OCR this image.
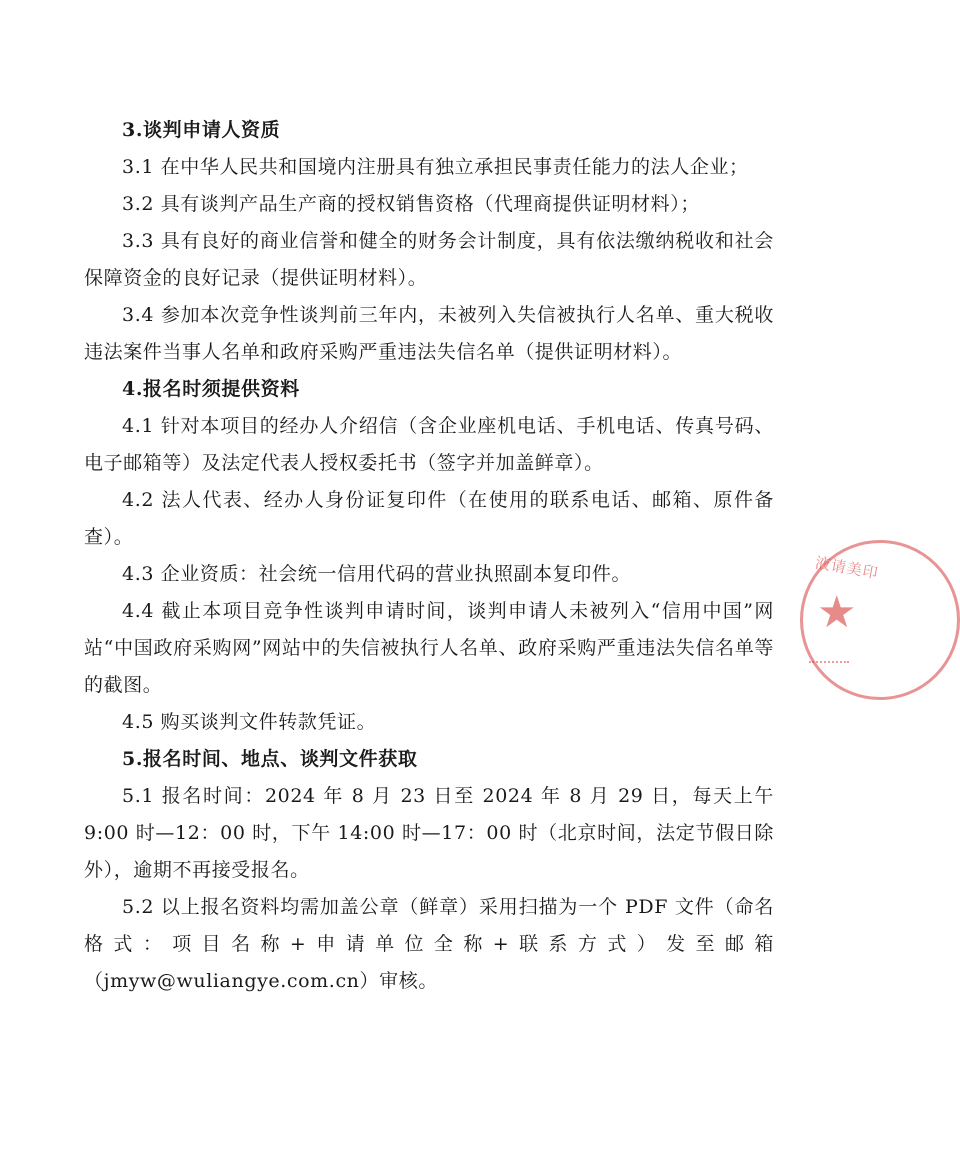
3.谈判申请人资质

3.1 在中华人民共和国境内注册具有独立承担民事责任能力的法人企业；

3.2 具有谈判产品生产商的授权销售资格（代理商提供证明材料）；

3.3 具有良好的商业信誉和健全的财务会计制度，具有依法缴纳税收和社会保障资金的良好记录（提供证明材料）。

3.4 参加本次竞争性谈判前三年内，未被列入失信被执行人名单、重大税收违法案件当事人名单和政府采购严重违法失信名单（提供证明材料）。

4.报名时须提供资料

4.1 针对本项目的经办人介绍信（含企业座机电话、手机电话、传真号码、电子邮箱等）及法定代表人授权委托书（签字并加盖鲜章）。

4.2 法人代表、经办人身份证复印件（在使用的联系电话、邮箱、原件备查）。

4.3 企业资质：社会统一信用代码的营业执照副本复印件。

4.4 截止本项目竞争性谈判申请时间，谈判申请人未被列入“信用中国”网站“中国政府采购网”网站中的失信被执行人名单、政府采购严重违法失信名单等的截图。

4.5 购买谈判文件转款凭证。

5.报名时间、地点、谈判文件获取

5.1 报名时间：2024 年 8 月 23 日至 2024 年 8 月 29 日，每天上午 9:00 时—12：00 时，下午 14:00 时—17：00 时（北京时间，法定节假日除外），逾期不再接受报名。

5.2 以上报名资料均需加盖公章（鲜章）采用扫描为一个 PDF 文件（命名格式：项目名称+申请单位全称+联系方式）发至邮箱（jmyw@wuliangye.com.cn）审核。

液请美印
★
